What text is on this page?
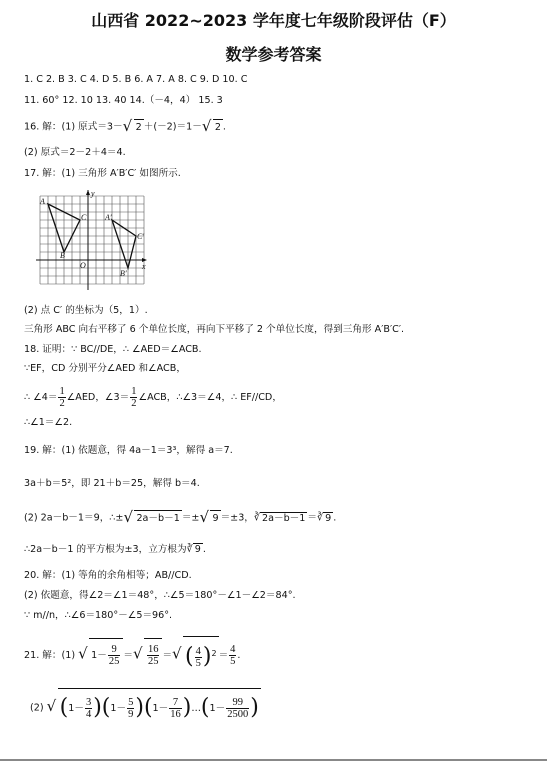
山西省 2022~2023 学年度七年级阶段评估（F）
数学参考答案
1. C 2. B 3. C 4. D 5. B 6. A 7. A 8. C 9. D 10. C
11. 60° 12. 10 13. 40 14.（－4，4） 15. 3
16. 解：(1) 原式＝3－ √ 2 ＋(－2)＝1－ √ 2 .
(2) 原式＝2－2＋4＝4.
17. 解：(1) 三角形 A′B′C′ 如图所示.
A
C
B
A′
C′
B′
O	x
y
(2) 点 C′ 的坐标为（5，1）.
三角形 ABC 向右平移了 6 个单位长度，再向下平移了 2 个单位长度，得到三角形 A′B′C′.
18. 证明：∵ BC//DE，∴ ∠AED＝∠ACB.
∵EF，CD 分别平分∠AED 和∠ACB，
∴ ∠4＝ $\frac{1}{2}$ ∠AED，∠3＝ $\frac{1}{2}$ ∠ACB，∴∠3＝∠4，∴ EF//CD，
∴∠1＝∠2.
19. 解：(1) 依题意，得 4a－1＝3³，解得 a＝7.
3a＋b＝5²，即 21＋b＝25，解得 b＝4.
(2) 2a－b－1＝9，∴± √ 2a－b－1 ＝± √ 9 ＝±3，∛ 2a－b－1 ＝∛ 9 .
∴2a－b－1 的平方根为±3，立方根为∛ 9 .
20. 解：(1) 等角的余角相等；AB//CD.
(2) 依题意，得∠2＝∠1＝48°，∴∠5＝180°－∠1－∠2＝84°.
∵ m//n，∴∠6＝180°－∠5＝96°.
21. 解：(1) √ $1- \frac{9}{25}$ ＝ √ $\frac{16}{25}$ ＝ √ ( $\frac{4}{5} )^2 = \frac{4}{5}$ .
(2) √ $(1- \frac{3}{4} )(1- \frac{5}{9} )(1- \frac{7}{16}$ )…(1－ $\frac{99}{2500}$ )
